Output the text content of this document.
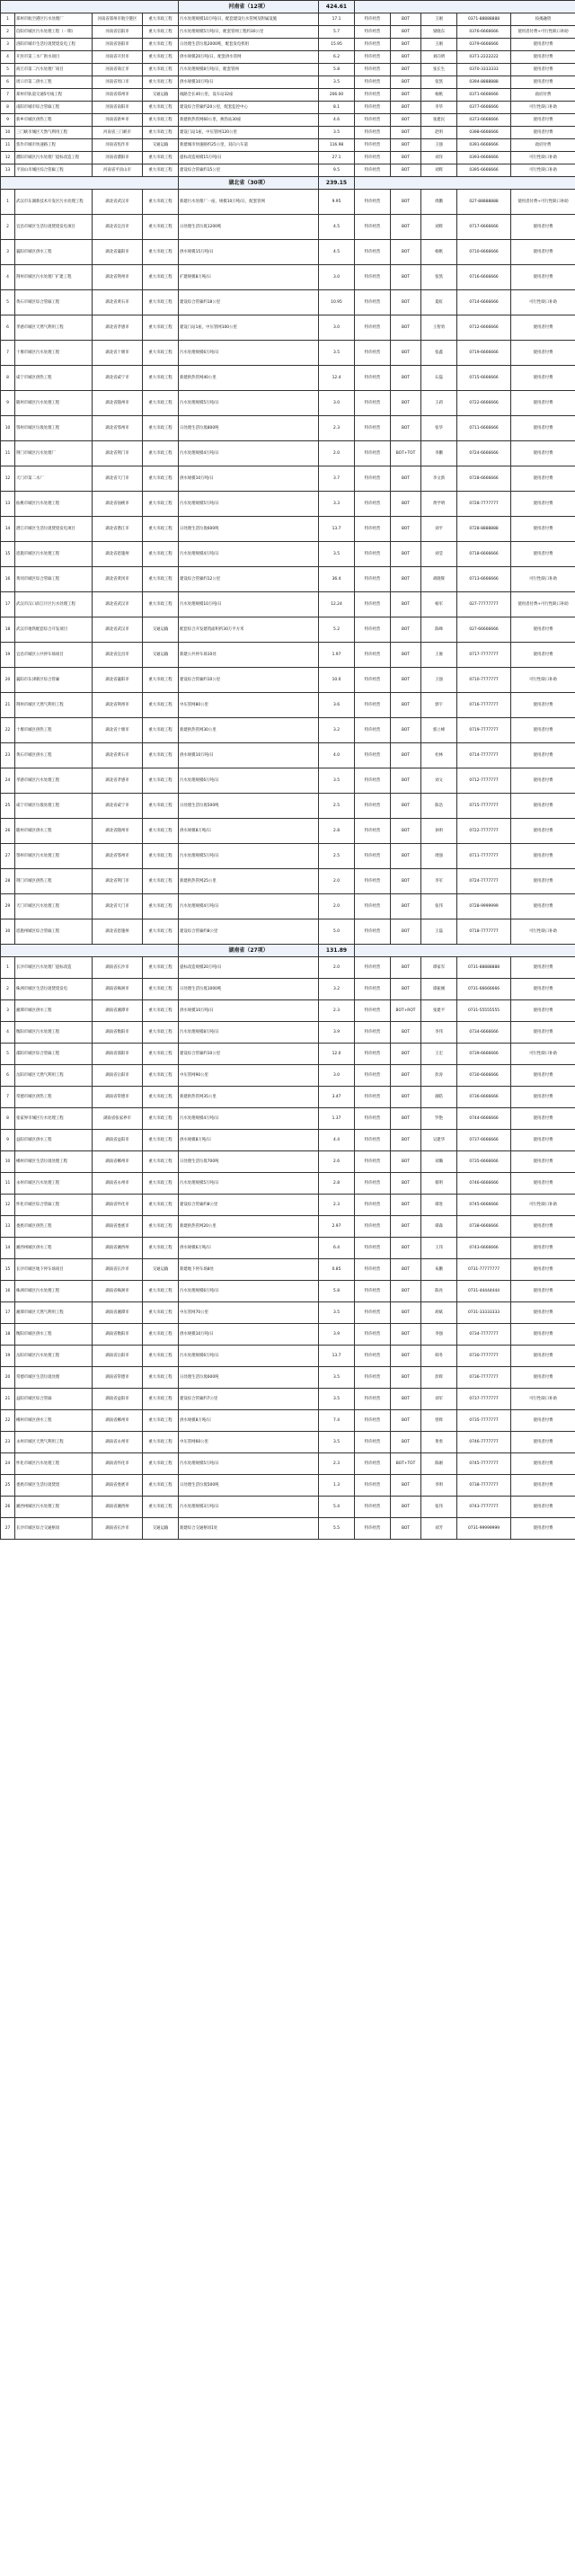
				河南省（12项）	424.61					
1	郑州市航空港区污水处理厂	河南省郑州市航空港区	重大市政工程	污水处理规模10万吨/日，配套建设污水管网及附属设施	17.1	特许经营	BOT	王刚	0371-88888888	按揭融资
2	信阳市城区污水处理工程（一期）	河南省信阳市	重大市政工程	污水处理规模5万吨/日，配套管网工程约30公里	5.7	特许经营	BOT	梁晓东	0376-6666666	使用者付费+可行性缺口补助
3	洛阳市城市生活垃圾焚烧发电工程	河南省洛阳市	重大市政工程	日处理生活垃圾2000吨，配套发电机组	15.95	特许经营	BOT	王刚	0379-6666666	使用者付费
4	开封市第三水厂供水项目	河南省开封市	重大市政工程	供水规模20万吨/日，配套供水管网	6.2	特许经营	BOT	刘向明	0371-2222222	使用者付费
5	商丘市第二污水处理厂项目	河南省商丘市	重大市政工程	污水处理规模8万吨/日，配套管网	5.8	特许经营	BOT	张长生	0370-3333333	使用者付费
6	周口市第二供水工程	河南省周口市	重大市政工程	供水规模10万吨/日	3.5	特许经营	BOT	张凯	0394-8888888	使用者付费
7	郑州市轨道交通5号线工程	河南省郑州市	交通运输	线路全长40公里，设车站32座	206.00	特许经营	BOT	杨帆	0371-6666666	政府付费
8	南阳市城市综合管廊工程	河南省南阳市	重大市政工程	建设综合管廊约20公里，配套监控中心	8.1	特许经营	BOT	李华	0377-6666666	可行性缺口补助
9	新乡市城区供热工程	河南省新乡市	重大市政工程	新建供热管网60公里，换热站30座	4.6	特许经营	BOT	张建民	0373-6666666	使用者付费
10	三门峡市城区天然气利用工程	河南省三门峡市	重大市政工程	建设门站1座，中压管网120公里	3.5	特许经营	BOT	赵明	0398-6666666	使用者付费
11	焦作市城市快速路工程	河南省焦作市	交通运输	新建城市快速路约25公里，双向六车道	116.98	特许经营	BOT	王强	0391-6666666	政府付费
12	濮阳市城区污水处理厂提标改造工程	河南省濮阳市	重大市政工程	提标改造规模15万吨/日	27.1	特许经营	BOT	刘洋	0393-6666666	可行性缺口补助
13	平顶山市城区综合管廊工程	河南省平顶山市	重大市政工程	建设综合管廊约15公里	9.5	特许经营	BOT	刘辉	0395-6666666	可行性缺口补助
				湖北省（30项）	239.15					
1	武汉市东湖新技术开发区污水处理工程	湖北省武汉市	重大市政工程	新建污水处理厂一座，规模10万吨/日，配套管网	9.95	特许经营	BOT	周鹏	027-88888888	使用者付费+可行性缺口补助
2	宜昌市城区生活垃圾焚烧发电项目	湖北省宜昌市	重大市政工程	日处理生活垃圾1200吨	4.5	特许经营	BOT	刘辉	0717-6666666	使用者付费
3	襄阳市城区供水工程	湖北省襄阳市	重大市政工程	供水规模15万吨/日	4.5	特许经营	BOT	杨帆	0710-6666666	使用者付费
4	荆州市城区污水处理厂扩建工程	湖北省荆州市	重大市政工程	扩建规模8万吨/日	3.0	特许经营	BOT	张凯	0716-6666666	使用者付费
5	黄石市城区综合管廊工程	湖北省黄石市	重大市政工程	建设综合管廊约18公里	10.95	特许经营	BOT	夏虹	0714-6666666	可行性缺口补助
6	孝感市城区天然气利用工程	湖北省孝感市	重大市政工程	建设门站1座，中压管网100公里	3.0	特许经营	BOT	王智勇	0712-6666666	使用者付费
7	十堰市城区污水处理工程	湖北省十堰市	重大市政工程	污水处理规模6万吨/日	3.5	特许经营	BOT	张鑫	0719-6666666	使用者付费
8	咸宁市城区供热工程	湖北省咸宁市	重大市政工程	新建供热管网40公里	12.4	特许经营	BOT	石磊	0715-6666666	使用者付费
9	随州市城区污水处理工程	湖北省随州市	重大市政工程	污水处理规模5万吨/日	3.0	特许经营	BOT	王莉	0722-6666666	使用者付费
10	鄂州市城区垃圾处理工程	湖北省鄂州市	重大市政工程	日处理生活垃圾800吨	2.3	特许经营	BOT	张华	0711-6666666	使用者付费
11	荆门市城区污水处理厂	湖北省荆门市	重大市政工程	污水处理规模4万吨/日	2.0	特许经营	BOT+TOT	李鹏	0724-6666666	使用者付费
12	天门市第二水厂	湖北省天门市	重大市政工程	供水规模10万吨/日	3.7	特许经营	BOT	李文新	0728-6666666	使用者付费
13	仙桃市城区污水处理工程	湖北省仙桃市	重大市政工程	污水处理规模5万吨/日	3.3	特许经营	BOT	黄学明	0728-7777777	使用者付费
14	潜江市城区生活垃圾焚烧发电项目	湖北省潜江市	重大市政工程	日处理生活垃圾600吨	13.7	特许经营	BOT	刘平	0728-8888888	使用者付费
15	恩施市城区污水处理工程	湖北省恩施州	重大市政工程	污水处理规模4万吨/日	3.5	特许经营	BOT	刘莹	0718-6666666	使用者付费
16	黄冈市城区综合管廊工程	湖北省黄冈市	重大市政工程	建设综合管廊约12公里	36.4	特许经营	BOT	胡晓辉	0713-6666666	可行性缺口补助
17	武汉市汉口滨江片区污水处理工程	湖北省武汉市	重大市政工程	污水处理规模10万吨/日	12.24	特许经营	BOT	杨军	027-77777777	使用者付费+可行性缺口补助
18	武汉市地铁配套综合开发项目	湖北省武汉市	交通运输	配套综合开发建筑面积约30万平方米	5.2	特许经营	BOT	陈峰	027-66666666	使用者付费
19	宜昌市城区公共停车场项目	湖北省宜昌市	交通运输	新建公共停车场10处	1.97	特许经营	BOT	王俊	0717-7777777	使用者付费
20	襄阳市东津新区综合管廊	湖北省襄阳市	重大市政工程	建设综合管廊约10公里	10.0	特许经营	BOT	王强	0710-7777777	可行性缺口补助
21	荆州市城区天然气利用工程	湖北省荆州市	重大市政工程	中压管网80公里	3.6	特许经营	BOT	郭宇	0716-7777777	使用者付费
22	十堰市城区供热工程	湖北省十堰市	重大市政工程	新建供热管网30公里	3.2	特许经营	BOT	郭立峰	0719-7777777	使用者付费
23	黄石市城区供水工程	湖北省黄石市	重大市政工程	供水规模10万吨/日	4.0	特许经营	BOT	杜林	0714-7777777	使用者付费
24	孝感市城区污水处理工程	湖北省孝感市	重大市政工程	污水处理规模6万吨/日	3.5	特许经营	BOT	刘文	0712-7777777	使用者付费
25	咸宁市城区垃圾处理工程	湖北省咸宁市	重大市政工程	日处理生活垃圾500吨	2.5	特许经营	BOT	陈浩	0715-7777777	使用者付费
26	随州市城区供水工程	湖北省随州市	重大市政工程	供水规模8万吨/日	2.8	特许经营	BOT	孙明	0722-7777777	使用者付费
27	鄂州市城区污水处理工程	湖北省鄂州市	重大市政工程	污水处理规模5万吨/日	2.5	特许经营	BOT	周强	0711-7777777	使用者付费
28	荆门市城区供热工程	湖北省荆门市	重大市政工程	新建供热管网25公里	2.0	特许经营	BOT	李军	0724-7777777	使用者付费
29	天门市城区污水处理工程	湖北省天门市	重大市政工程	污水处理规模4万吨/日	2.0	特许经营	BOT	张伟	0728-9999999	使用者付费
30	恩施州城区综合管廊工程	湖北省恩施州	重大市政工程	建设综合管廊约8公里	5.0	特许经营	BOT	王磊	0718-7777777	可行性缺口补助
				湖南省（27项）	131.89					
1	长沙市城区污水处理厂提标改造	湖南省长沙市	重大市政工程	提标改造规模20万吨/日	2.0	特许经营	BOT	谭家军	0731-88888888	使用者付费
2	株洲市城区生活垃圾焚烧发电	湖南省株洲市	重大市政工程	日处理生活垃圾1000吨	3.2	特许经营	BOT	谭振刚	0731-66666666	使用者付费
3	湘潭市城区供水工程	湖南省湘潭市	重大市政工程	供水规模10万吨/日	2.3	特许经营	BOT+ROT	张建平	0731-55555555	使用者付费
4	衡阳市城区污水处理工程	湖南省衡阳市	重大市政工程	污水处理规模8万吨/日	3.9	特许经营	BOT	李伟	0734-6666666	使用者付费
5	邵阳市城区综合管廊工程	湖南省邵阳市	重大市政工程	建设综合管廊约10公里	12.0	特许经营	BOT	王宏	0739-6666666	可行性缺口补助
6	岳阳市城区天然气利用工程	湖南省岳阳市	重大市政工程	中压管网90公里	3.0	特许经营	BOT	彭涛	0730-6666666	使用者付费
7	常德市城区供热工程	湖南省常德市	重大市政工程	新建供热管网35公里	3.47	特许经营	BOT	颜皓	0736-6666666	使用者付费
8	张家界市城区污水处理工程	湖南省张家界市	重大市政工程	污水处理规模4万吨/日	1.37	特许经营	BOT	罗艳	0744-6666666	使用者付费
9	益阳市城区供水工程	湖南省益阳市	重大市政工程	供水规模8万吨/日	4.4	特许经营	BOT	吴建华	0737-6666666	使用者付费
10	郴州市城区生活垃圾处理工程	湖南省郴州市	重大市政工程	日处理生活垃圾700吨	2.6	特许经营	BOT	刘璐	0735-6666666	使用者付费
11	永州市城区污水处理工程	湖南省永州市	重大市政工程	污水处理规模5万吨/日	2.8	特许经营	BOT	蔡明	0746-6666666	使用者付费
12	怀化市城区综合管廊工程	湖南省怀化市	重大市政工程	建设综合管廊约8公里	2.3	特许经营	BOT	谭进	0745-6666666	可行性缺口补助
13	娄底市城区供热工程	湖南省娄底市	重大市政工程	新建供热管网20公里	2.97	特许经营	BOT	谭森	0738-6666666	使用者付费
14	湘西州城区供水工程	湖南省湘西州	重大市政工程	供水规模6万吨/日	6.4	特许经营	BOT	王伟	0743-6666666	使用者付费
15	长沙市城区地下停车场项目	湖南省长沙市	交通运输	新建地下停车场8处	0.85	特许经营	BOT	朱鹏	0731-77777777	使用者付费
16	株洲市城区污水处理工程	湖南省株洲市	重大市政工程	污水处理规模6万吨/日	5.8	特许经营	BOT	陈亮	0731-44444444	使用者付费
17	湘潭市城区天然气利用工程	湖南省湘潭市	重大市政工程	中压管网70公里	3.5	特许经营	BOT	胡斌	0731-33333333	使用者付费
18	衡阳市城区供水工程	湖南省衡阳市	重大市政工程	供水规模10万吨/日	3.9	特许经营	BOT	李强	0734-7777777	使用者付费
19	岳阳市城区污水处理工程	湖南省岳阳市	重大市政工程	污水处理规模6万吨/日	13.7	特许经营	BOT	韩冬	0730-7777777	使用者付费
20	常德市城区生活垃圾处理	湖南省常德市	重大市政工程	日处理生活垃圾600吨	3.5	特许经营	BOT	彭辉	0736-7777777	使用者付费
21	益阳市城区综合管廊	湖南省益阳市	重大市政工程	建设综合管廊约7公里	3.5	特许经营	BOT	刘军	0737-7777777	可行性缺口补助
22	郴州市城区供水工程	湖南省郴州市	重大市政工程	供水规模8万吨/日	7.4	特许经营	BOT	曾辉	0735-7777777	使用者付费
23	永州市城区天然气利用工程	湖南省永州市	重大市政工程	中压管网60公里	3.5	特许经营	BOT	黄勇	0746-7777777	使用者付费
24	怀化市城区污水处理工程	湖南省怀化市	重大市政工程	污水处理规模5万吨/日	2.3	特许经营	BOT+TOT	陈刚	0745-7777777	使用者付费
25	娄底市城区生活垃圾焚烧	湖南省娄底市	重大市政工程	日处理生活垃圾500吨	1.3	特许经营	BOT	李明	0738-7777777	使用者付费
26	湘西州城区污水处理工程	湖南省湘西州	重大市政工程	污水处理规模3万吨/日	5.4	特许经营	BOT	张伟	0743-7777777	使用者付费
27	长沙市城区综合交通枢纽	湖南省长沙市	交通运输	新建综合交通枢纽1处	5.5	特许经营	BOT	刘芳	0731-99999999	使用者付费
